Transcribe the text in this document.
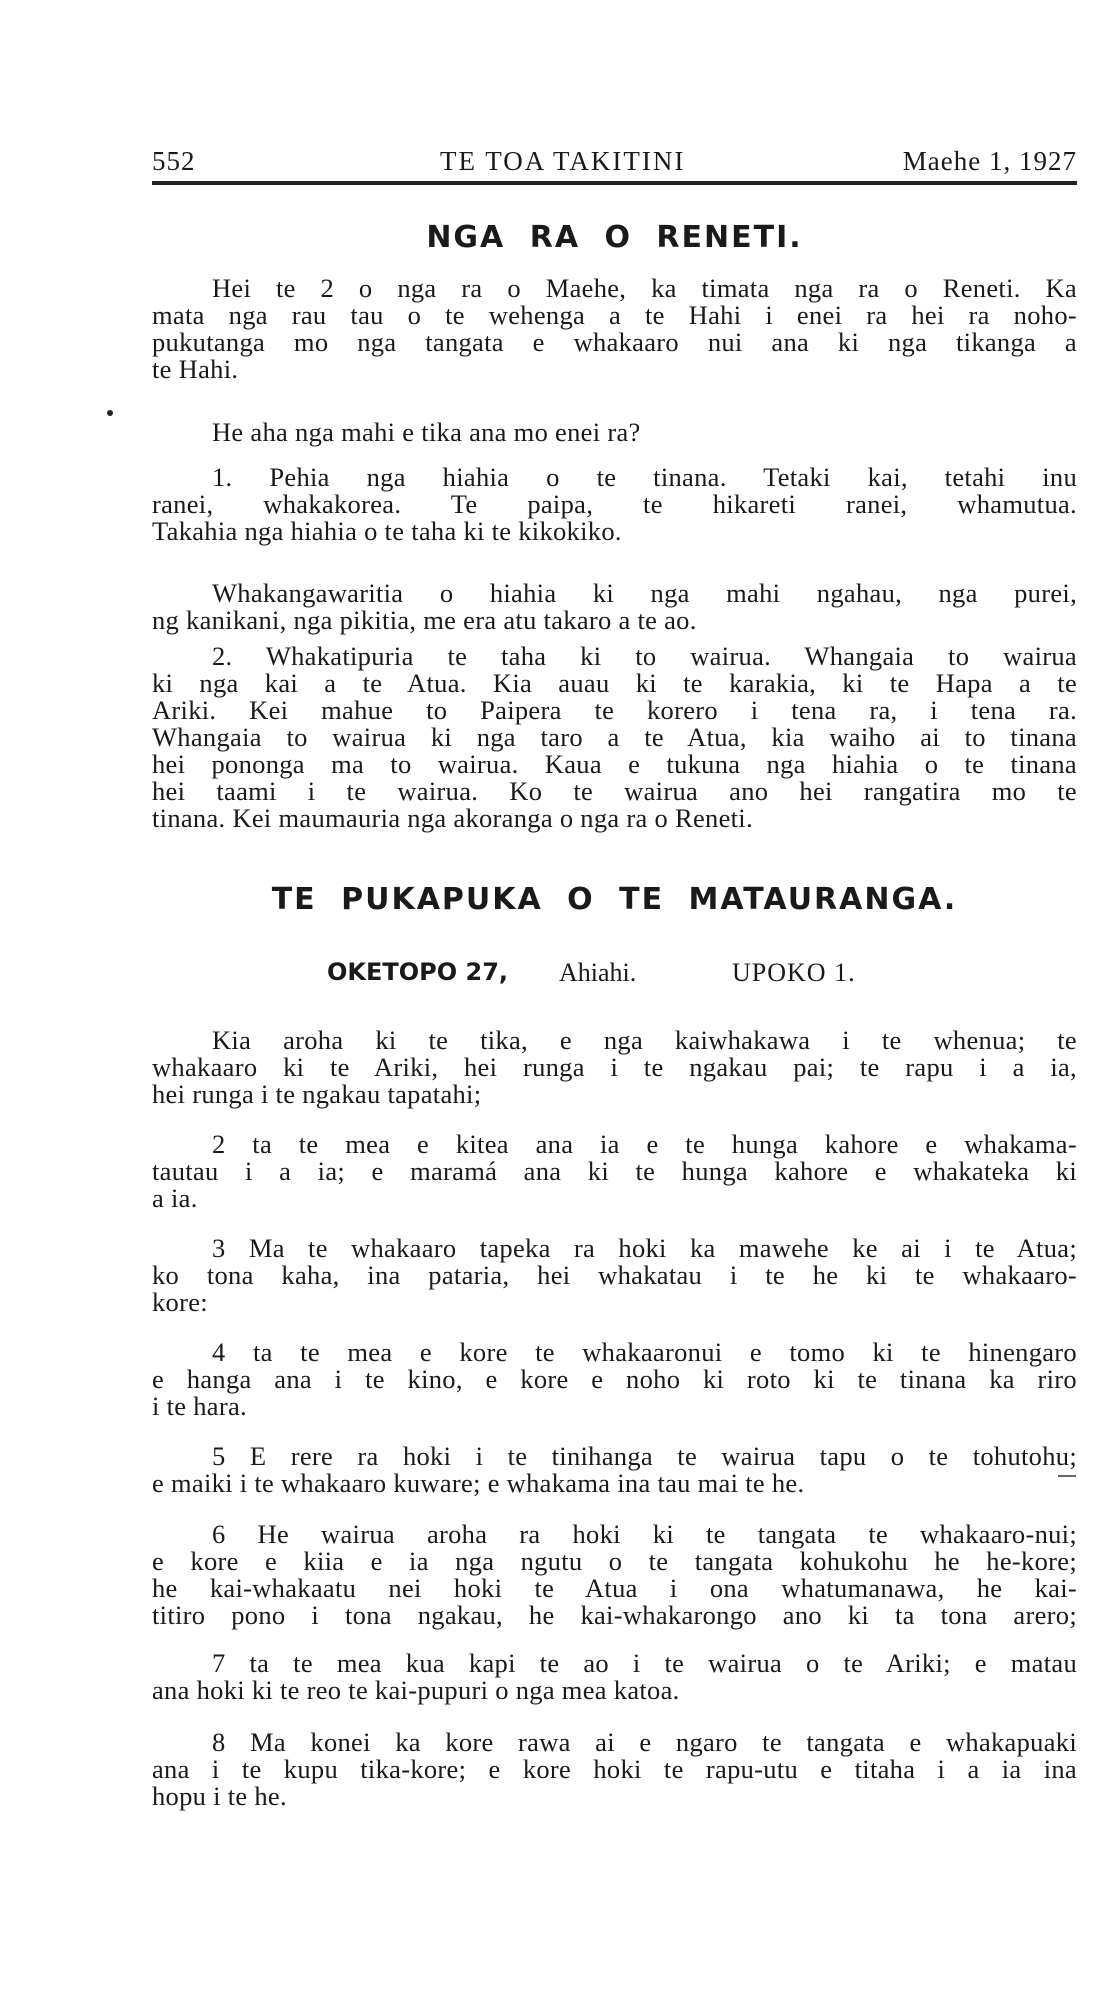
552	TE TOA TAKITINI	Maehe 1, 1927
NGA RA O RENETI.
Hei te 2 o nga ra o Maehe, ka timata nga ra o Reneti. Ka
mata nga rau tau o te wehenga a te Hahi i enei ra hei ra noho-
pukutanga mo nga tangata e whakaaro nui ana ki nga tikanga a
te Hahi.
He aha nga mahi e tika ana mo enei ra?
1. Pehia nga hiahia o te tinana. Tetaki kai, tetahi inu
ranei, whakakorea. Te paipa, te hikareti ranei, whamutua.
Takahia nga hiahia o te taha ki te kikokiko.
Whakangawaritia o hiahia ki nga mahi ngahau, nga purei,
ng kanikani, nga pikitia, me era atu takaro a te ao.
2. Whakatipuria te taha ki to wairua. Whangaia to wairua
ki nga kai a te Atua. Kia auau ki te karakia, ki te Hapa a te
Ariki. Kei mahue to Paipera te korero i tena ra, i tena ra.
Whangaia to wairua ki nga taro a te Atua, kia waiho ai to tinana
hei pononga ma to wairua. Kaua e tukuna nga hiahia o te tinana
hei taami i te wairua. Ko te wairua ano hei rangatira mo te
tinana. Kei maumauria nga akoranga o nga ra o Reneti.
TE PUKAPUKA O TE MATAURANGA.
OKETOPO 27, Ahiahi.	UPOKO 1.
Kia aroha ki te tika, e nga kaiwhakawa i te whenua; te
whakaaro ki te Ariki, hei runga i te ngakau pai; te rapu i a ia,
hei runga i te ngakau tapatahi;
2 ta te mea e kitea ana ia e te hunga kahore e whakama-
tautau i a ia; e maramá ana ki te hunga kahore e whakateka ki
a ia.
3 Ma te whakaaro tapeka ra hoki ka mawehe ke ai i te Atua;
ko tona kaha, ina pataria, hei whakatau i te he ki te whakaaro-
kore:
4 ta te mea e kore te whakaaronui e tomo ki te hinengaro
e hanga ana i te kino, e kore e noho ki roto ki te tinana ka riro
i te hara.
5 E rere ra hoki i te tinihanga te wairua tapu o te tohutohu;
e maiki i te whakaaro kuware; e whakama ina tau mai te he.
6 He wairua aroha ra hoki ki te tangata te whakaaro-nui;
e kore e kiia e ia nga ngutu o te tangata kohukohu he he-kore;
he kai-whakaatu nei hoki te Atua i ona whatumanawa, he kai-
titiro pono i tona ngakau, he kai-whakarongo ano ki ta tona arero;
7 ta te mea kua kapi te ao i te wairua o te Ariki; e matau
ana hoki ki te reo te kai-pupuri o nga mea katoa.
8 Ma konei ka kore rawa ai e ngaro te tangata e whakapuaki
ana i te kupu tika-kore; e kore hoki te rapu-utu e titaha i a ia ina
hopu i te he.
